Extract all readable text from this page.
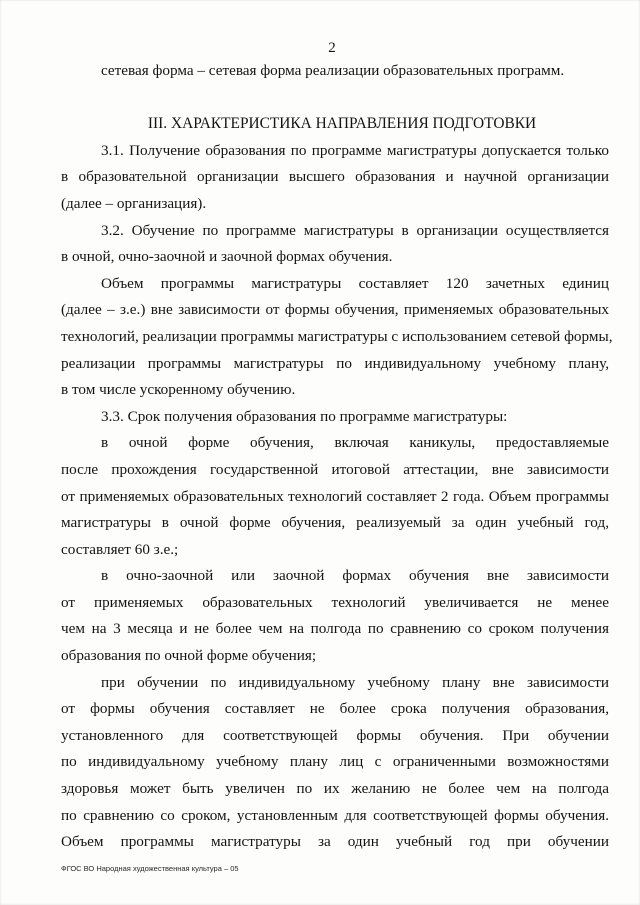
2
сетевая форма – сетевая форма реализации образовательных программ.
III. ХАРАКТЕРИСТИКА НАПРАВЛЕНИЯ ПОДГОТОВКИ
3.1. Получение образования по программе магистратуры допускается только
в образовательной организации высшего образования и научной организации
(далее – организация).
3.2. Обучение по программе магистратуры в организации осуществляется
в очной, очно-заочной и заочной формах обучения.
Объем программы магистратуры составляет 120 зачетных единиц
(далее – з.е.) вне зависимости от формы обучения, применяемых образовательных
технологий, реализации программы магистратуры с использованием сетевой формы,
реализации программы магистратуры по индивидуальному учебному плану,
в том числе ускоренному обучению.
3.3. Срок получения образования по программе магистратуры:
в очной форме обучения, включая каникулы, предоставляемые
после прохождения государственной итоговой аттестации, вне зависимости
от применяемых образовательных технологий составляет 2 года. Объем программы
магистратуры в очной форме обучения, реализуемый за один учебный год,
составляет 60 з.е.;
в очно-заочной или заочной формах обучения вне зависимости
от применяемых образовательных технологий увеличивается не менее
чем на 3 месяца и не более чем на полгода по сравнению со сроком получения
образования по очной форме обучения;
при обучении по индивидуальному учебному плану вне зависимости
от формы обучения составляет не более срока получения образования,
установленного для соответствующей формы обучения. При обучении
по индивидуальному учебному плану лиц с ограниченными возможностями
здоровья может быть увеличен по их желанию не более чем на полгода
по сравнению со сроком, установленным для соответствующей формы обучения.
Объем программы магистратуры за один учебный год при обучении
ФГОС ВО Народная художественная культура – 05
